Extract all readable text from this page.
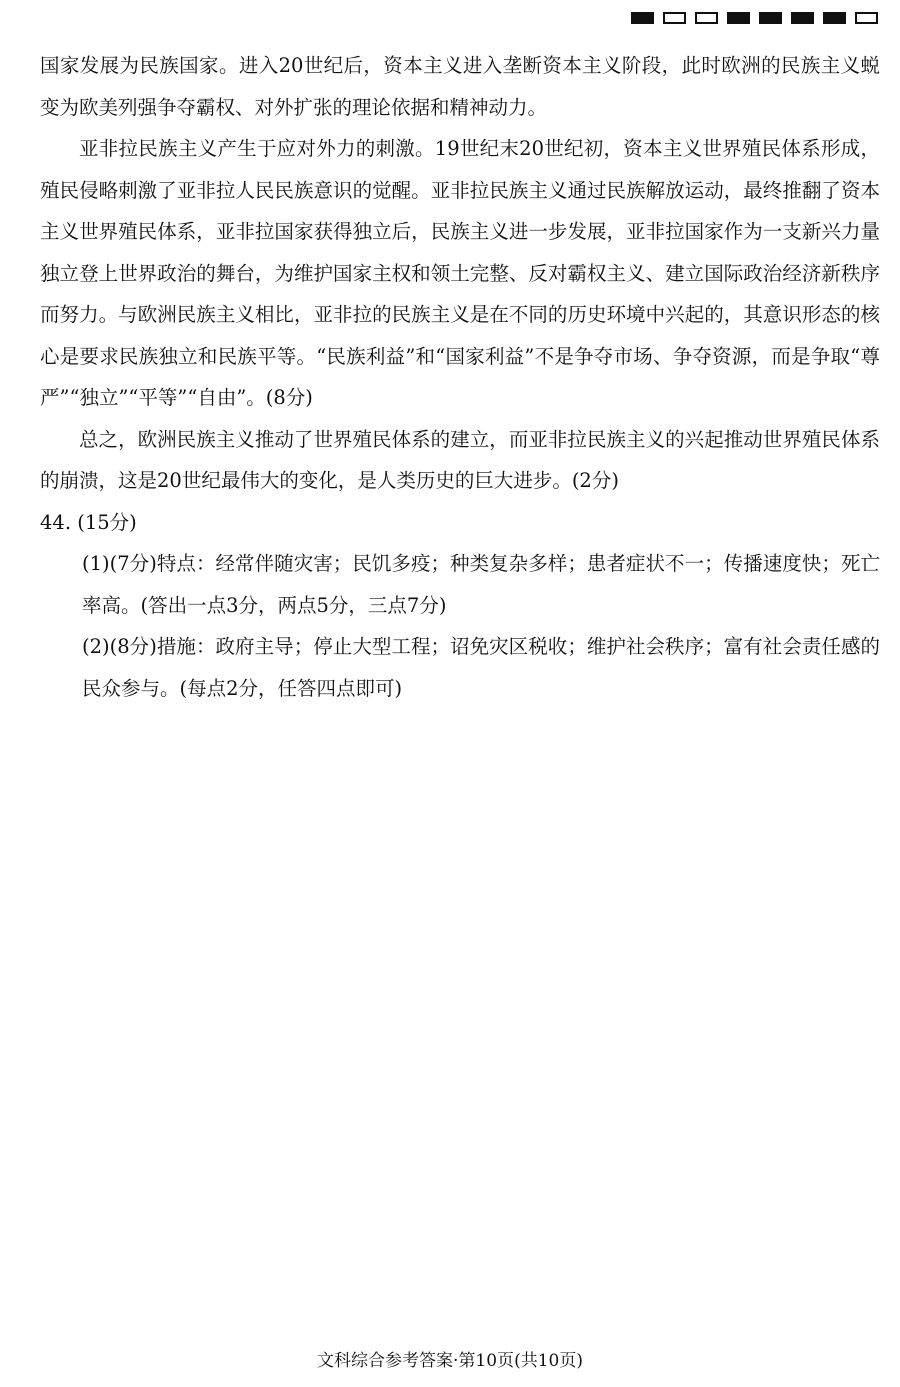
国家发展为民族国家。进入20世纪后，资本主义进入垄断资本主义阶段，此时欧洲的民族主义蜕变为欧美列强争夺霸权、对外扩张的理论依据和精神动力。

亚非拉民族主义产生于应对外力的刺激。19世纪末20世纪初，资本主义世界殖民体系形成，殖民侵略刺激了亚非拉人民民族意识的觉醒。亚非拉民族主义通过民族解放运动，最终推翻了资本主义世界殖民体系，亚非拉国家获得独立后，民族主义进一步发展，亚非拉国家作为一支新兴力量独立登上世界政治的舞台，为维护国家主权和领土完整、反对霸权主义、建立国际政治经济新秩序而努力。与欧洲民族主义相比，亚非拉的民族主义是在不同的历史环境中兴起的，其意识形态的核心是要求民族独立和民族平等。“民族利益”和“国家利益”不是争夺市场、争夺资源，而是争取“尊严”“独立”“平等”“自由”。(8分)

总之，欧洲民族主义推动了世界殖民体系的建立，而亚非拉民族主义的兴起推动世界殖民体系的崩溃，这是20世纪最伟大的变化，是人类历史的巨大进步。(2分)

44. (15分)

(1)(7分)特点：经常伴随灾害；民饥多疫；种类复杂多样；患者症状不一；传播速度快；死亡率高。(答出一点3分，两点5分，三点7分)

(2)(8分)措施：政府主导；停止大型工程；诏免灾区税收；维护社会秩序；富有社会责任感的民众参与。(每点2分，任答四点即可)

文科综合参考答案·第10页(共10页)
